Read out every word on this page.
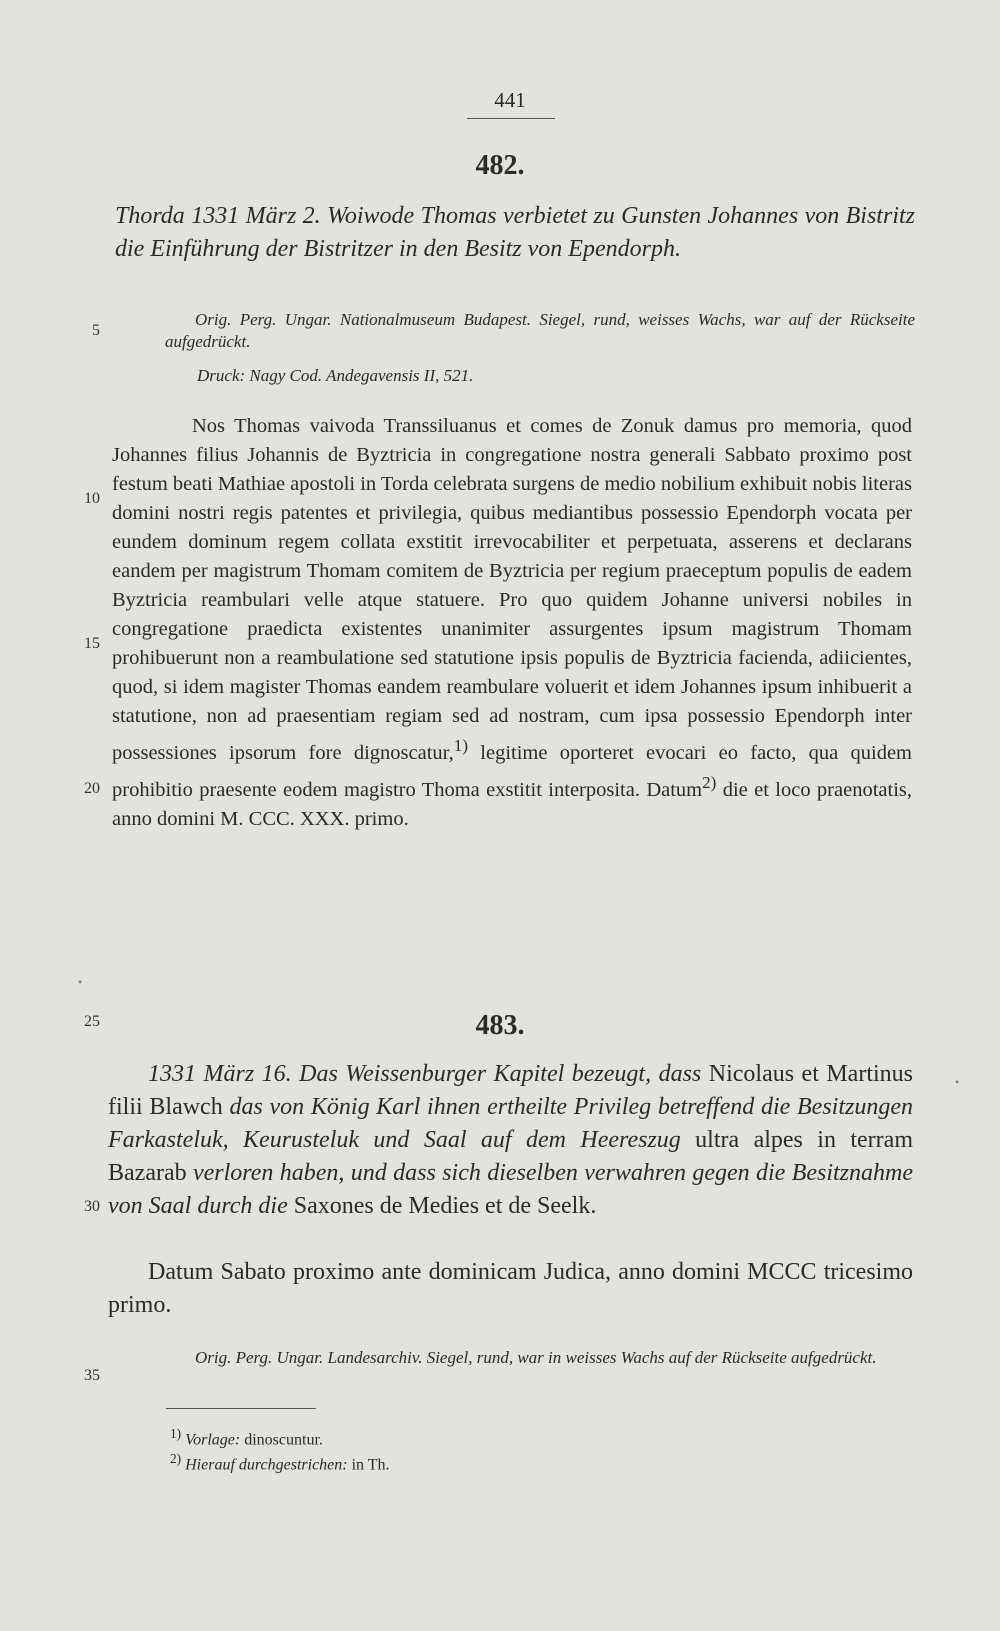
441
482.

Thorda 1331 März 2. Woiwode Thomas verbietet zu Gunsten Johannes von Bistritz die Einführung der Bistritzer in den Besitz von Ependorph.

Orig. Perg. Ungar. Nationalmuseum Budapest. Siegel, rund, weisses Wachs, war auf der Rückseite aufgedrückt.

Druck: Nagy Cod. Andegavensis II, 521.

Nos Thomas vaivoda Transsiluanus et comes de Zonuk damus pro memoria, quod Johannes filius Johannis de Byztricia in congregatione nostra generali Sabbato proximo post festum beati Mathiae apostoli in Torda celebrata surgens de medio nobilium exhibuit nobis literas domini nostri regis patentes et privilegia, quibus mediantibus possessio Ependorph vocata per eundem dominum regem collata exstitit irrevocabiliter et perpetuata, asserens et declarans eandem per magistrum Thomam comitem de Byztricia per regium praeceptum populis de eadem Byztricia reambulari velle atque statuere. Pro quo quidem Johanne universi nobiles in congregatione praedicta existentes unanimiter assurgentes ipsum magistrum Thomam prohibuerunt non a reambulatione sed statutione ipsis populis de Byztricia facienda, adiicientes, quod, si idem magister Thomas eandem reambulare voluerit et idem Johannes ipsum inhibuerit a statutione, non ad praesentiam regiam sed ad nostram, cum ipsa possessio Ependorph inter possessiones ipsorum fore dignoscatur,$^{1)}$ legitime oporteret evocari eo facto, qua quidem prohibitio praesente eodem magistro Thoma exstitit interposita. Datum$^{2)}$ die et loco praenotatis, anno domini M. CCC. XXX. primo.

483.

1331 März 16. Das Weissenburger Kapitel bezeugt, dass Nicolaus et Martinus filii Blawch das von König Karl ihnen ertheilte Privileg betreffend die Besitzungen Farkasteluk, Keurusteluk und Saal auf dem Heereszug ultra alpes in terram Bazarab verloren haben, und dass sich dieselben verwahren gegen die Besitznahme von Saal durch die Saxones de Medies et de Seelk.

Datum Sabato proximo ante dominicam Judica, anno domini MCCC tricesimo primo.

Orig. Perg. Ungar. Landesarchiv. Siegel, rund, war in weisses Wachs auf der Rückseite aufgedrückt.

$^{1)}$ Vorlage: dinoscuntur.

$^{2)}$ Hierauf durchgestrichen: in Th.

5
10
15
20
25
30
35
•
•
